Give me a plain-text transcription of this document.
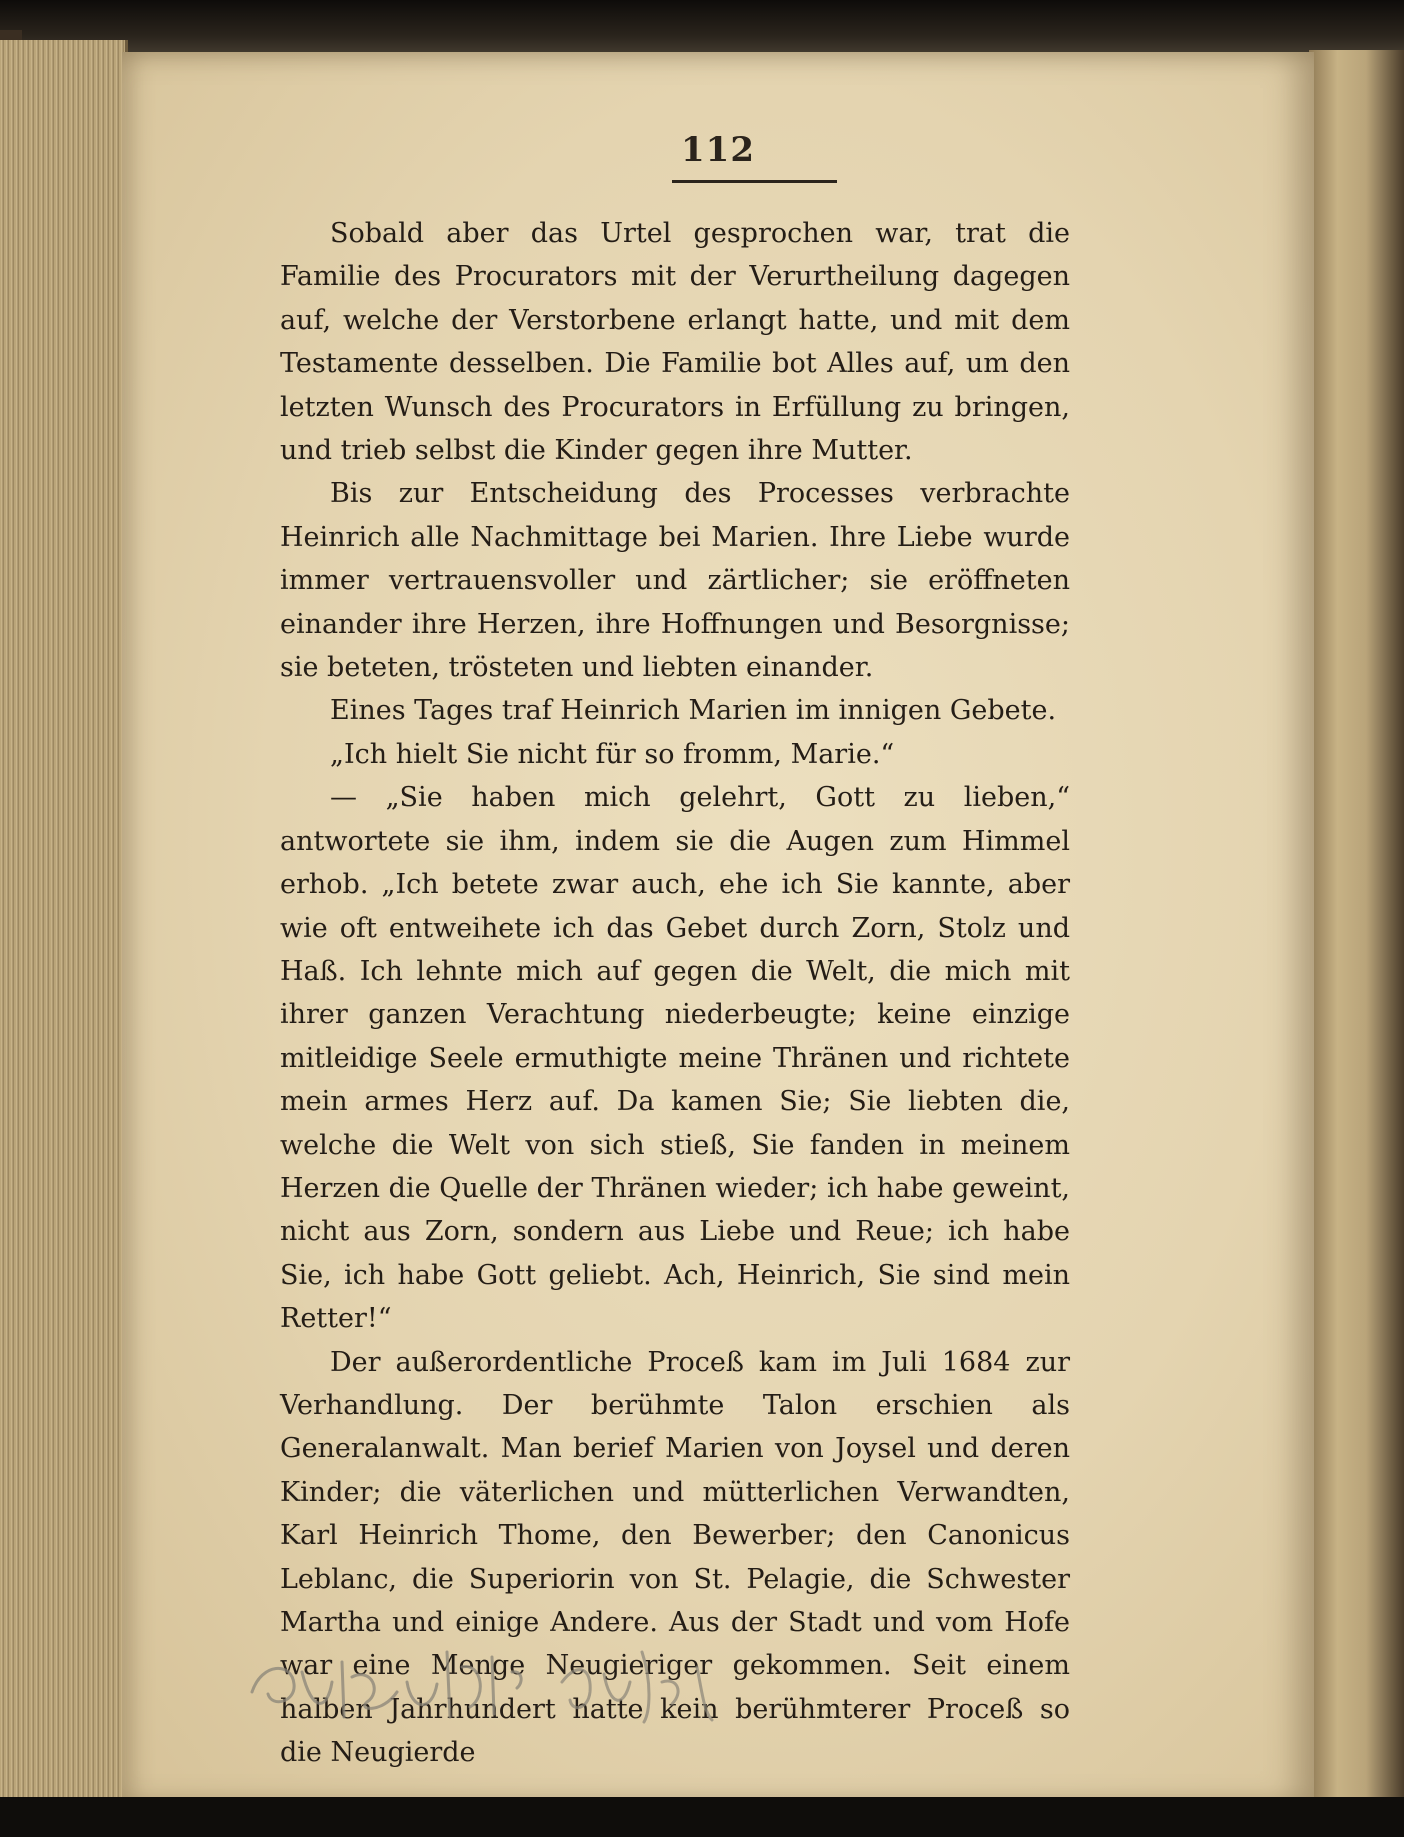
112

Sobald aber das Urtel gesprochen war, trat die Familie des Procurators mit der Verurtheilung dagegen auf, welche der Verstorbene erlangt hatte, und mit dem Testamente desselben. Die Familie bot Alles auf, um den letzten Wunsch des Procurators in Erfüllung zu bringen, und trieb selbst die Kinder gegen ihre Mutter.

Bis zur Entscheidung des Processes verbrachte Heinrich alle Nachmittage bei Marien. Ihre Liebe wurde immer vertrauensvoller und zärtlicher; sie eröffneten einander ihre Herzen, ihre Hoffnungen und Besorgnisse; sie beteten, trösteten und liebten einander.

Eines Tages traf Heinrich Marien im innigen Gebete.

„Ich hielt Sie nicht für so fromm, Marie.“

— „Sie haben mich gelehrt, Gott zu lieben,“ antwortete sie ihm, indem sie die Augen zum Himmel erhob. „Ich betete zwar auch, ehe ich Sie kannte, aber wie oft entweihete ich das Gebet durch Zorn, Stolz und Haß. Ich lehnte mich auf gegen die Welt, die mich mit ihrer ganzen Verachtung niederbeugte; keine einzige mitleidige Seele ermuthigte meine Thränen und richtete mein armes Herz auf. Da kamen Sie; Sie liebten die, welche die Welt von sich stieß, Sie fanden in meinem Herzen die Quelle der Thränen wieder; ich habe geweint, nicht aus Zorn, sondern aus Liebe und Reue; ich habe Sie, ich habe Gott geliebt. Ach, Heinrich, Sie sind mein Retter!“

Der außerordentliche Proceß kam im Juli 1684 zur Verhandlung. Der berühmte Talon erschien als Generalanwalt. Man berief Marien von Joysel und deren Kinder; die väterlichen und mütterlichen Verwandten, Karl Heinrich Thome, den Bewerber; den Canonicus Leblanc, die Superiorin von St. Pelagie, die Schwester Martha und einige Andere. Aus der Stadt und vom Hofe war eine Menge Neugieriger gekommen. Seit einem halben Jahrhundert hatte kein berühmterer Proceß so die Neugierde
